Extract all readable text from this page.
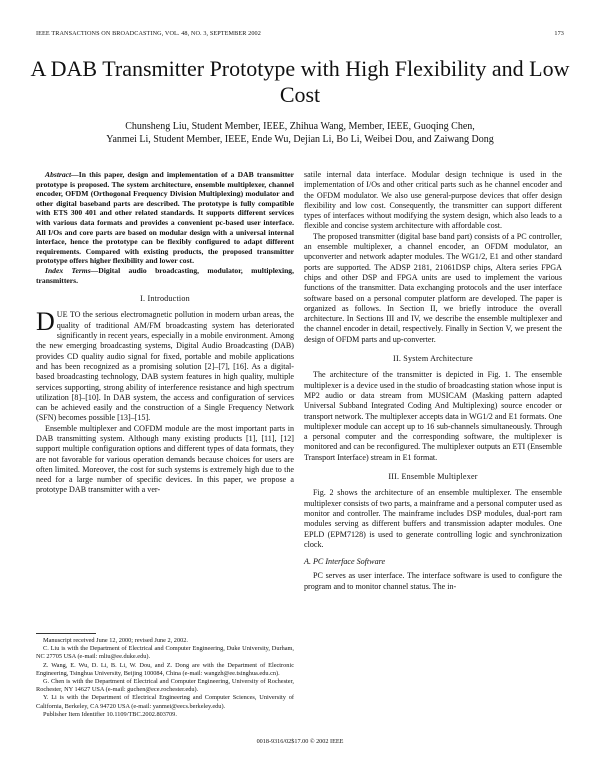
IEEE TRANSACTIONS ON BROADCASTING, VOL. 48, NO. 3, SEPTEMBER 2002	173
A DAB Transmitter Prototype with High Flexibility and Low Cost
Chunsheng Liu, Student Member, IEEE, Zhihua Wang, Member, IEEE, Guoqing Chen,
Yanmei Li, Student Member, IEEE, Ende Wu, Dejian Li, Bo Li, Weibei Dou, and Zaiwang Dong

Abstract—In this paper, design and implementation of a DAB transmitter prototype is proposed. The system architecture, ensemble multiplexer, channel encoder, OFDM (Orthogonal Frequency Division Multiplexing) modulator and other digital baseband parts are described. The prototype is fully compatible with ETS 300 401 and other related standards. It supports different services with various data formats and provides a convenient pc-based user interface. All I/Os and core parts are based on modular design with a universal internal interface, hence the prototype can be flexibly configured to adapt different requirements. Compared with existing products, the proposed transmitter prototype offers higher flexibility and lower cost.

Index Terms—Digital audio broadcasting, modulator, multiplexing, transmitters.

I. Introduction

DUE TO the serious electromagnetic pollution in modern urban areas, the quality of traditional AM/FM broadcasting system has deteriorated significantly in recent years, especially in a mobile environment. Among the new emerging broadcasting systems, Digital Audio Broadcasting (DAB) provides CD quality audio signal for fixed, portable and mobile applications and has been recognized as a promising solution [2]–[7], [16]. As a digital-based broadcasting technology, DAB system features in high quality, multiple services supporting, strong ability of interference resistance and high spectrum utilization [8]–[10]. In DAB system, the access and configuration of services can be achieved easily and the construction of a Single Frequency Network (SFN) becomes possible [13]–[15].

Ensemble multiplexer and COFDM module are the most important parts in DAB transmitting system. Although many existing products [1], [11], [12] support multiple configuration options and different types of data formats, they are not favorable for various operation demands because choices for users are often limited. Moreover, the cost for such systems is extremely high due to the need for a large number of specific devices. In this paper, we propose a prototype DAB transmitter with a ver-

Manuscript received June 12, 2000; revised June 2, 2002.

C. Liu is with the Department of Electrical and Computer Engineering, Duke University, Durham, NC 27705 USA (e-mail: mliu@ee.duke.edu).

Z. Wang, E. Wu, D. Li, B. Li, W. Dou, and Z. Dong are with the Department of Electronic Engineering, Tsinghua University, Beijing 100084, China (e-mail: wangzh@ee.tsinghua.edu.cn).

G. Chen is with the Department of Electrical and Computer Engineering, University of Rochester, Rochester, NY 14627 USA (e-mail: guchen@ece.rochester.edu).

Y. Li is with the Department of Electrical Engineering and Computer Sciences, University of California, Berkeley, CA 94720 USA (e-mail: yanmei@eecs.berkeley.edu).

Publisher Item Identifier 10.1109/TBC.2002.803709.

satile internal data interface. Modular design technique is used in the implementation of I/Os and other critical parts such as he channel encoder and the OFDM modulator. We also use general-purpose devices that offer design flexibility and low cost. Consequently, the transmitter can support different types of interfaces without modifying the system design, which also leads to a flexible and concise system architecture with affordable cost.

The proposed transmitter (digital base band part) consists of a PC controller, an ensemble multiplexer, a channel encoder, an OFDM modulator, an upconverter and network adapter modules. The WG1/2, E1 and other standard ports are supported. The ADSP 2181, 21061DSP chips, Altera series FPGA chips and other DSP and FPGA units are used to implement the various functions of the transmitter. Data exchanging protocols and the user interface software based on a personal computer platform are developed. The paper is organized as follows. In Section II, we briefly introduce the overall architecture. In Sections III and IV, we describe the ensemble multiplexer and the channel encoder in detail, respectively. Finally in Section V, we present the design of OFDM parts and up-converter.

II. System Architecture

The architecture of the transmitter is depicted in Fig. 1. The ensemble multiplexer is a device used in the studio of broadcasting station whose input is MP2 audio or data stream from MUSICAM (Masking pattern adapted Universal Subband Integrated Coding And Multiplexing) source encoder or transport network. The multiplexer accepts data in WG1/2 and E1 formats. One multiplexer module can accept up to 16 sub-channels simultaneously. Through a personal computer and the corresponding software, the multiplexer is monitored and can be reconfigured. The multiplexer outputs an ETI (Ensemble Transport Interface) stream in E1 format.

III. Ensemble Multiplexer

Fig. 2 shows the architecture of an ensemble multiplexer. The ensemble multiplexer consists of two parts, a mainframe and a personal computer used as monitor and controller. The mainframe includes DSP modules, dual-port ram modules serving as different buffers and transmission adapter modules. One EPLD (EPM7128) is used to generate controlling logic and synchronization clock.

A. PC Interface Software

PC serves as user interface. The interface software is used to configure the program and to monitor channel status. The in-

0018-9316/02$17.00 © 2002 IEEE
